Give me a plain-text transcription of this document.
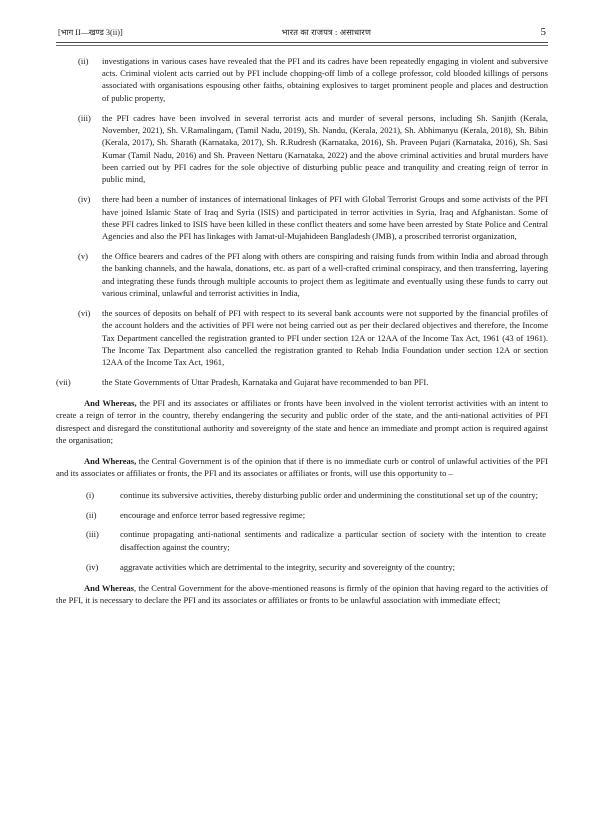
[भाग II—खण्ड 3(ii)]	भारत का राजपत्र : असाधारण	5
(ii)	investigations in various cases have revealed that the PFI and its cadres have been repeatedly engaging in violent and subversive acts. Criminal violent acts carried out by PFI include chopping-off limb of a college professor, cold blooded killings of persons associated with organisations espousing other faiths, obtaining explosives to target prominent people and places and destruction of public property,
(iii)	the PFI cadres have been involved in several terrorist acts and murder of several persons, including Sh. Sanjith (Kerala, November, 2021), Sh. V.Ramalingam, (Tamil Nadu, 2019), Sh. Nandu, (Kerala, 2021), Sh. Abhimanyu (Kerala, 2018), Sh. Bibin (Kerala, 2017), Sh. Sharath (Karnataka, 2017), Sh. R.Rudresh (Karnataka, 2016), Sh. Praveen Pujari (Karnataka, 2016), Sh. Sasi Kumar (Tamil Nadu, 2016) and Sh. Praveen Nettaru (Karnataka, 2022) and the above criminal activities and brutal murders have been carried out by PFI cadres for the sole objective of disturbing public peace and tranquility and creating reign of terror in public mind,
(iv)	there had been a number of instances of international linkages of PFI with Global Terrorist Groups and some activists of the PFI have joined Islamic State of Iraq and Syria (ISIS) and participated in terror activities in Syria, Iraq and Afghanistan. Some of these PFI cadres linked to ISIS have been killed in these conflict theaters and some have been arrested by State Police and Central Agencies and also the PFI has linkages with Jamat-ul-Mujahideen Bangladesh (JMB), a proscribed terrorist organization,
(v)	the Office bearers and cadres of the PFI along with others are conspiring and raising funds from within India and abroad through the banking channels, and the hawala, donations, etc. as part of a well-crafted criminal conspiracy, and then transferring, layering and integrating these funds through multiple accounts to project them as legitimate and eventually using these funds to carry out various criminal, unlawful and terrorist activities in India,
(vi)	the sources of deposits on behalf of PFI with respect to its several bank accounts were not supported by the financial profiles of the account holders and the activities of PFI were not being carried out as per their declared objectives and therefore, the Income Tax Department cancelled the registration granted to PFI under section 12A or 12AA of the Income Tax Act, 1961 (43 of 1961). The Income Tax Department also cancelled the registration granted to Rehab India Foundation under section 12A or section 12AA of the Income Tax Act, 1961,
(vii)	the State Governments of Uttar Pradesh, Karnataka and Gujarat have recommended to ban PFI.

And Whereas, the PFI and its associates or affiliates or fronts have been involved in the violent terrorist activities with an intent to create a reign of terror in the country, thereby endangering the security and public order of the state, and the anti-national activities of PFI disrespect and disregard the constitutional authority and sovereignty of the state and hence an immediate and prompt action is required against the organisation;

And Whereas, the Central Government is of the opinion that if there is no immediate curb or control of unlawful activities of the PFI and its associates or affiliates or fronts, the PFI and its associates or affiliates or fronts, will use this opportunity to –

(i)	continue its subversive activities, thereby disturbing public order and undermining the constitutional set up of the country;
(ii)	encourage and enforce terror based regressive regime;
(iii)	continue propagating anti-national sentiments and radicalize a particular section of society with the intention to create disaffection against the country;
(iv)	aggravate activities which are detrimental to the integrity, security and sovereignty of the country;

And Whereas, the Central Government for the above-mentioned reasons is firmly of the opinion that having regard to the activities of the PFI, it is necessary to declare the PFI and its associates or affiliates or fronts to be unlawful association with immediate effect;
